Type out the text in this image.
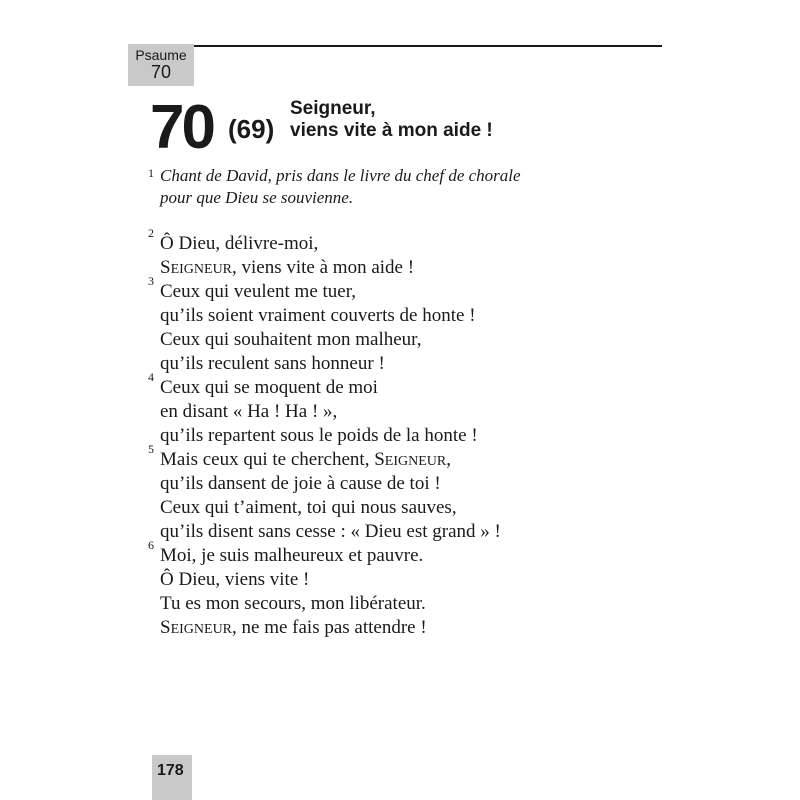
Psaume
70
70 (69)
Seigneur,
viens vite à mon aide !
1 Chant de David, pris dans le livre du chef de chorale
pour que Dieu se souvienne.
2 Ô Dieu, délivre-moi,
SEIGNEUR, viens vite à mon aide !
3 Ceux qui veulent me tuer,
qu’ils soient vraiment couverts de honte !
Ceux qui souhaitent mon malheur,
qu’ils reculent sans honneur !
4 Ceux qui se moquent de moi
en disant « Ha ! Ha ! »,
qu’ils repartent sous le poids de la honte !
5 Mais ceux qui te cherchent, SEIGNEUR,
qu’ils dansent de joie à cause de toi !
Ceux qui t’aiment, toi qui nous sauves,
qu’ils disent sans cesse : « Dieu est grand » !
6 Moi, je suis malheureux et pauvre.
Ô Dieu, viens vite !
Tu es mon secours, mon libérateur.
SEIGNEUR, ne me fais pas attendre !
178
